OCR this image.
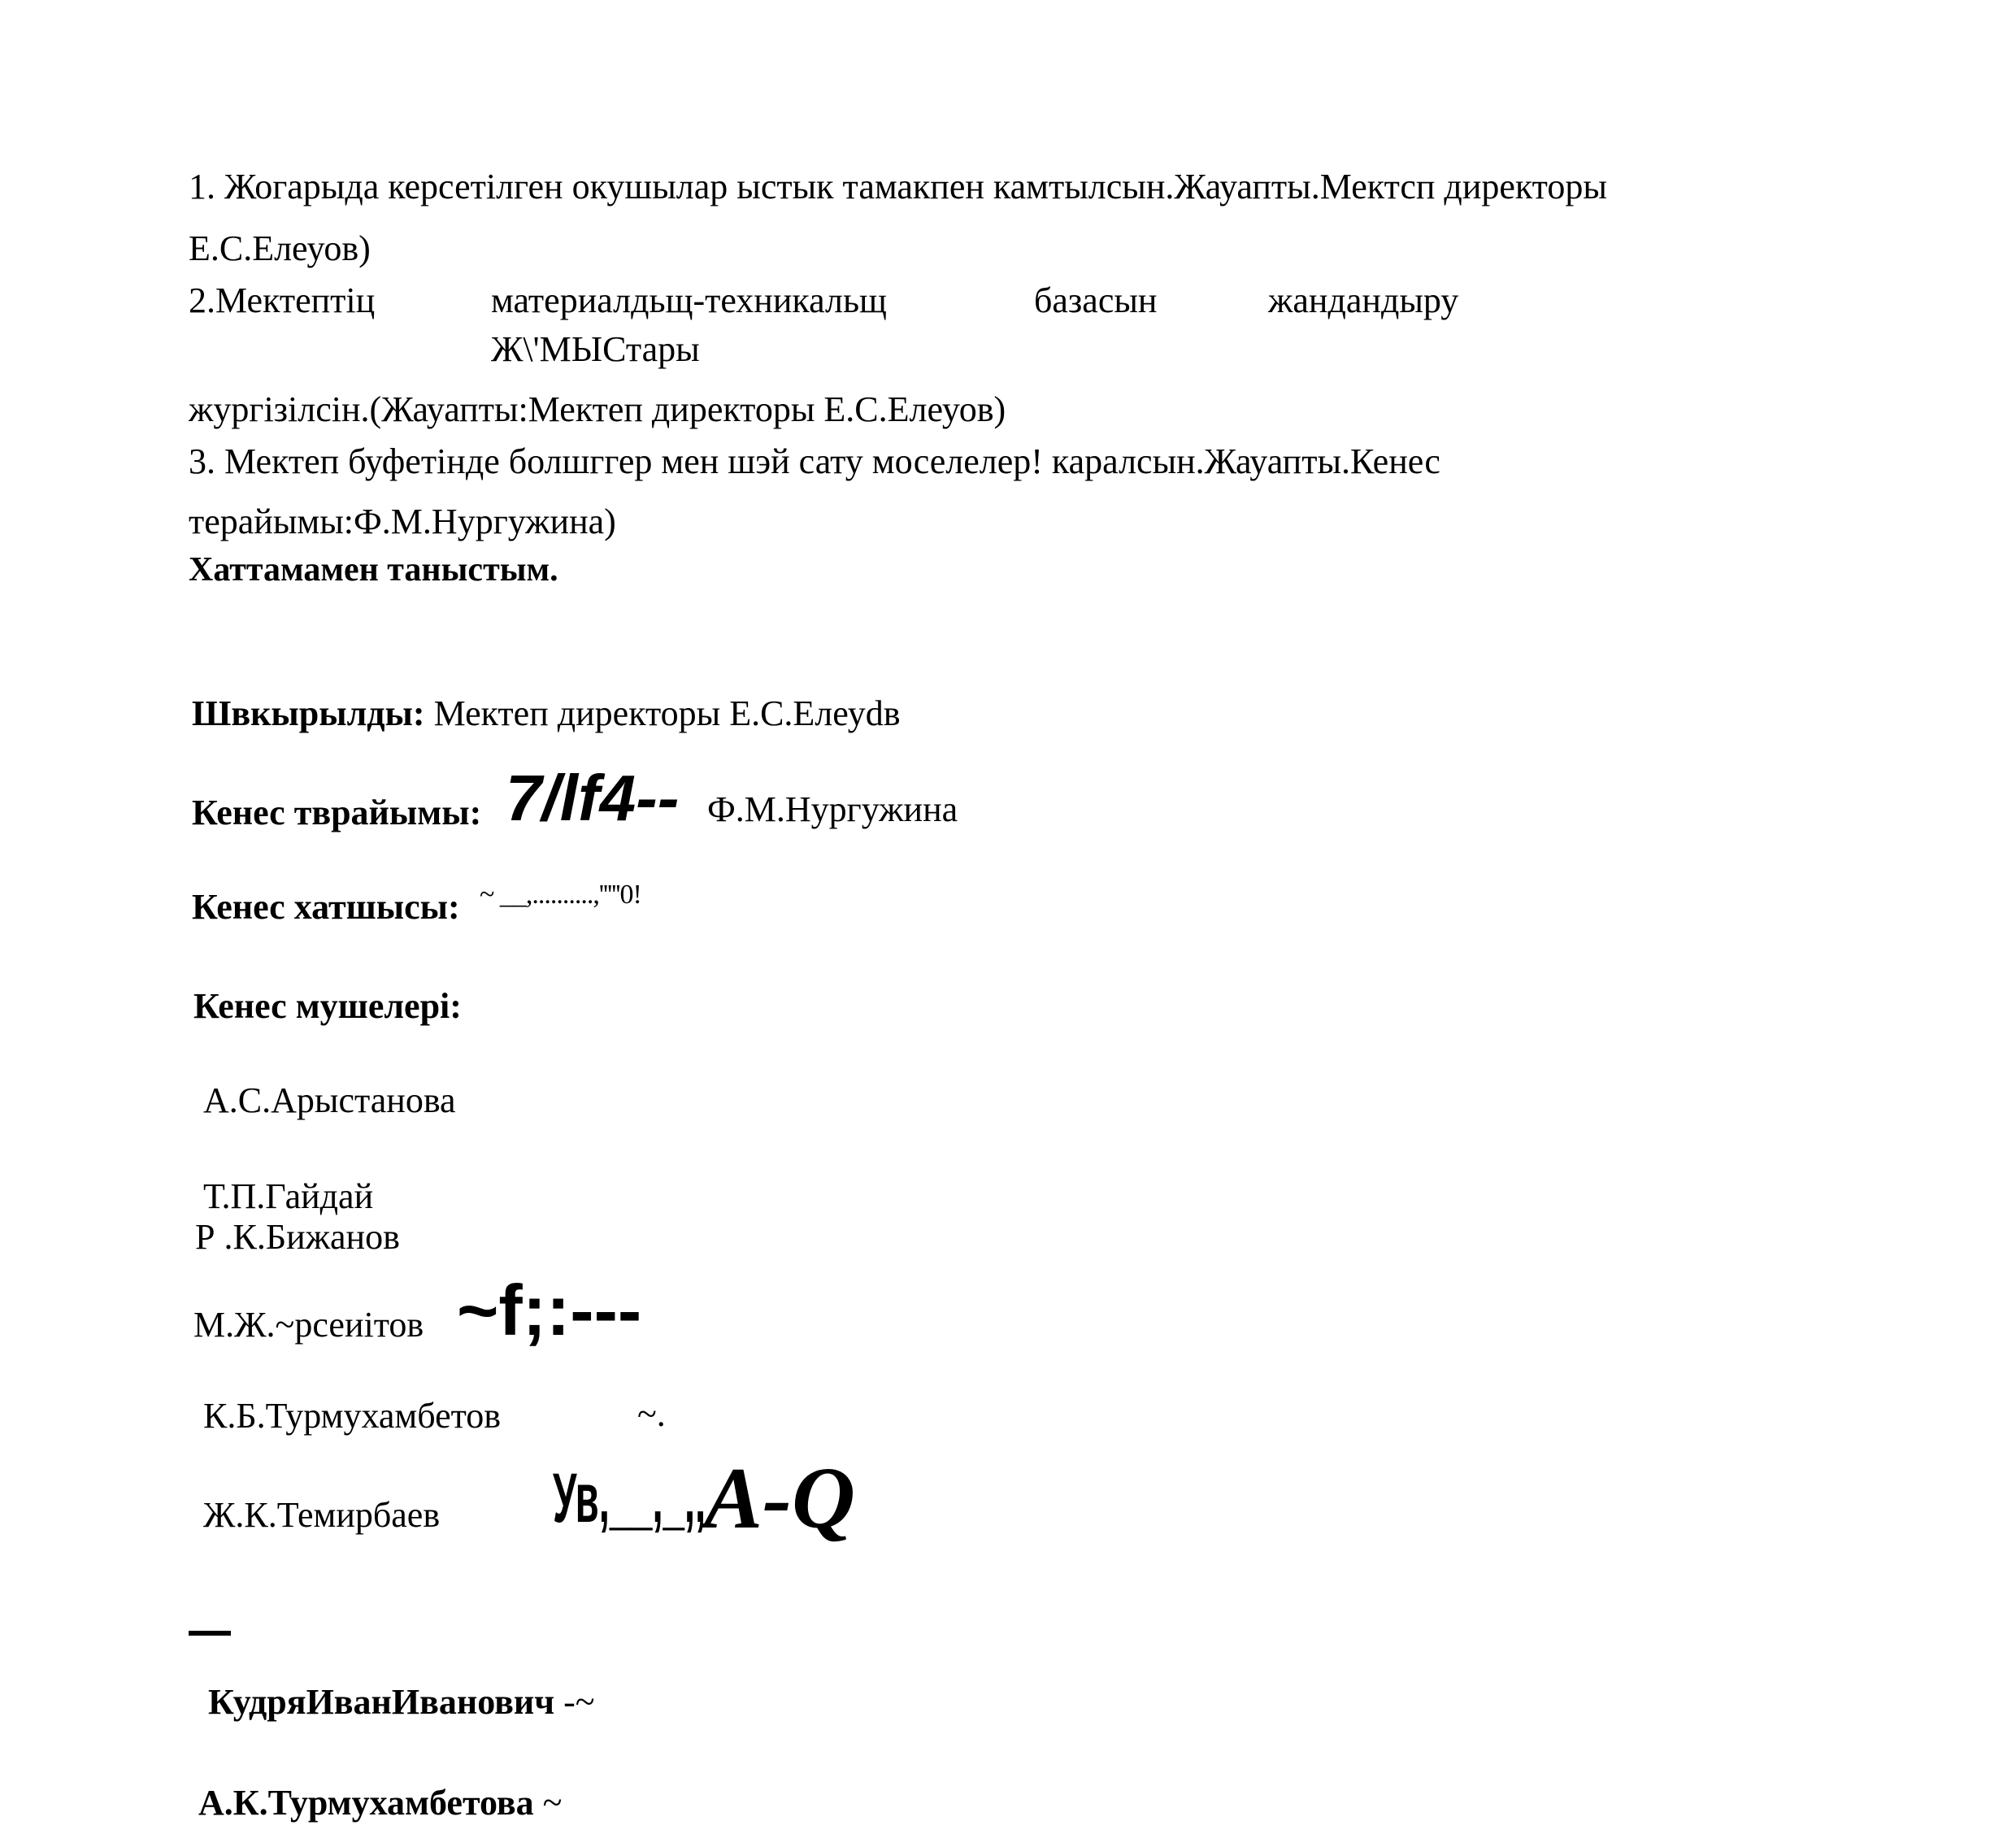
1. Жогарыда керсетілген окушылар ыстык тамакпен камтылсын.Жауапты.Мектсп директоры
Е.С.Елеуов)
2.Мектептіц	материалдьщ-техникальщ	базасын	жандандыру
Ж\'МЫСтары
жургізілсін.(Жауапты:Мектеп директоры Е.С.Елеуов)
3. Мектеп буфетінде болшггер мен шэй сату моселелер! каралсын.Жауапты.Кенес
терайымы:Ф.М.Нургужина)
Хаттамамен таныстым.
Швкырылды: Мектеп директоры Е.С.Елеуdв
Кенес тврайымы: 7/lf4-- Ф.М.Нургужина
Кенес хатшысы: ~ __,..........,'''''0!
Кенес мушелері:
А.С.Арыстанова
Т.П.Гайдай
Р .К.Бижанов
М.Ж.~рсеиітов ~f;:---
К.Б.Турмухамбетов	~.
Ж.К.Темирбаев Ув,__,_,,
A-Q
КудряИванИванович -~
А.К.Турмухамбетова ~
